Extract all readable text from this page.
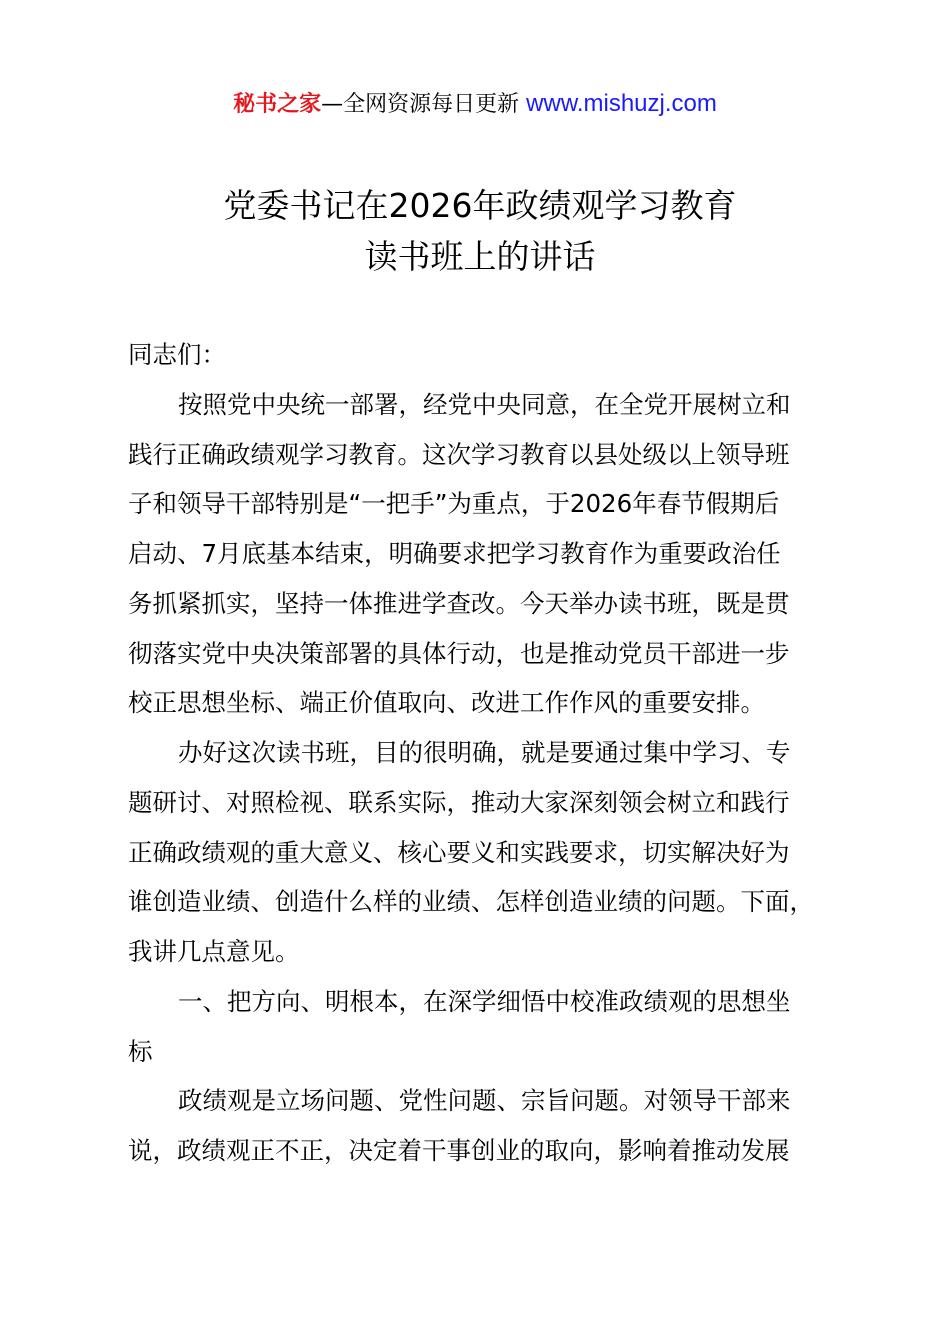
秘书之家—全网资源每日更新 www.mishuzj.com
党委书记在2026年政绩观学习教育
读书班上的讲话
同志们：
按照党中央统一部署，经党中央同意，在全党开展树立和
践行正确政绩观学习教育。这次学习教育以县处级以上领导班
子和领导干部特别是“一把手”为重点，于2026年春节假期后
启动、7月底基本结束，明确要求把学习教育作为重要政治任
务抓紧抓实，坚持一体推进学查改。今天举办读书班，既是贯
彻落实党中央决策部署的具体行动，也是推动党员干部进一步
校正思想坐标、端正价值取向、改进工作作风的重要安排。
办好这次读书班，目的很明确，就是要通过集中学习、专
题研讨、对照检视、联系实际，推动大家深刻领会树立和践行
正确政绩观的重大意义、核心要义和实践要求，切实解决好为
谁创造业绩、创造什么样的业绩、怎样创造业绩的问题。下面，
我讲几点意见。
一、把方向、明根本，在深学细悟中校准政绩观的思想坐
标
政绩观是立场问题、党性问题、宗旨问题。对领导干部来
说，政绩观正不正，决定着干事创业的取向，影响着推动发展
